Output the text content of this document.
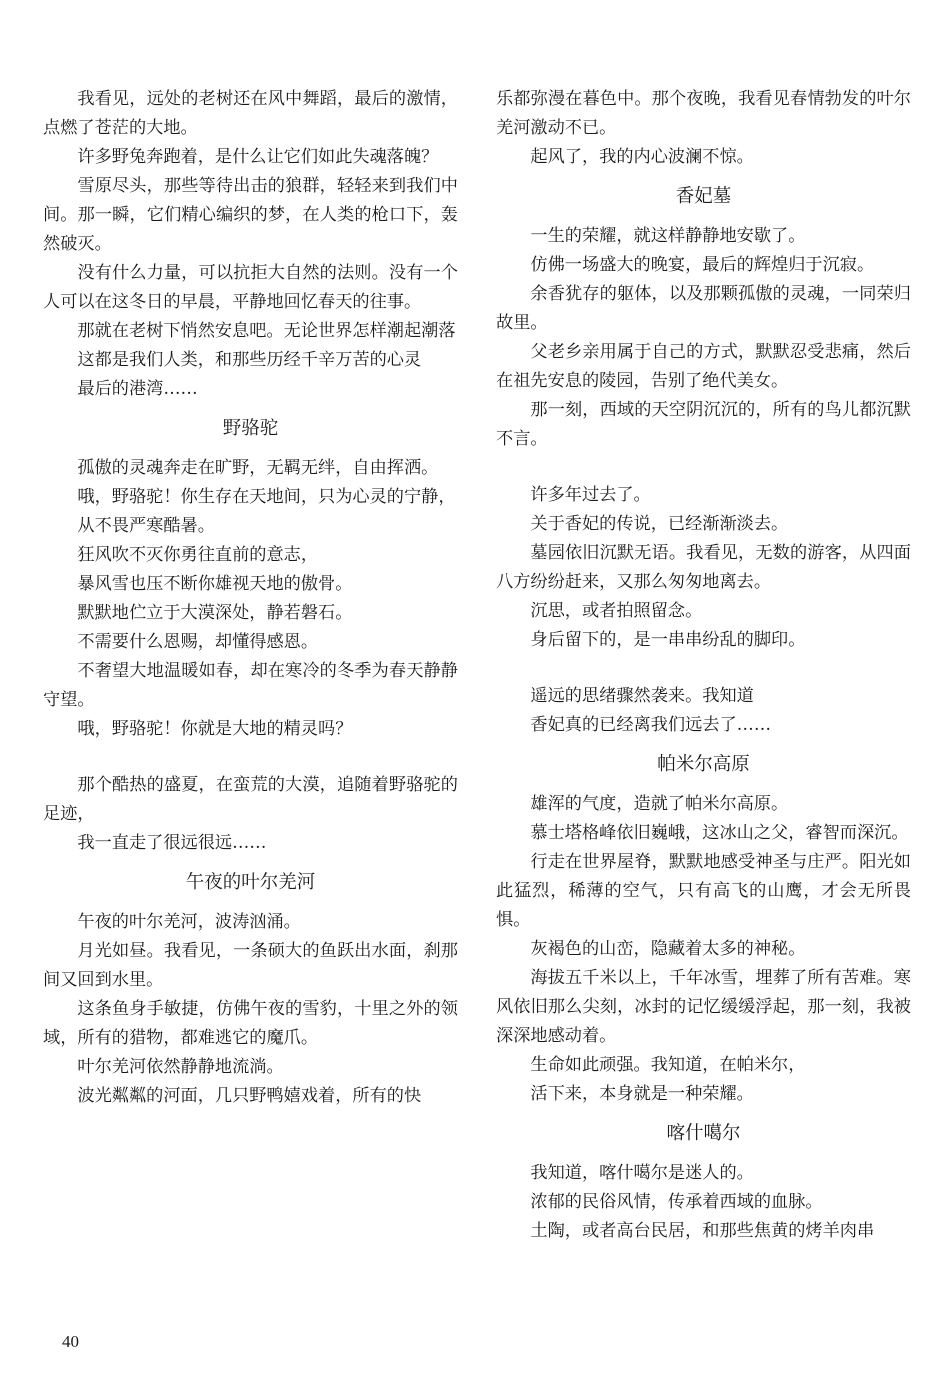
我看见，远处的老树还在风中舞蹈，最后的激情，点燃了苍茫的大地。

许多野兔奔跑着，是什么让它们如此失魂落魄？

雪原尽头，那些等待出击的狼群，轻轻来到我们中间。那一瞬，它们精心编织的梦，在人类的枪口下，轰然破灭。

没有什么力量，可以抗拒大自然的法则。没有一个人可以在这冬日的早晨，平静地回忆春天的往事。

那就在老树下悄然安息吧。无论世界怎样潮起潮落

这都是我们人类，和那些历经千辛万苦的心灵

最后的港湾……

野骆驼

孤傲的灵魂奔走在旷野，无羁无绊，自由挥洒。

哦，野骆驼！你生存在天地间，只为心灵的宁静，

从不畏严寒酷暑。

狂风吹不灭你勇往直前的意志，

暴风雪也压不断你雄视天地的傲骨。

默默地伫立于大漠深处，静若磐石。

不需要什么恩赐，却懂得感恩。

不奢望大地温暖如春，却在寒冷的冬季为春天静静守望。

哦，野骆驼！你就是大地的精灵吗？

那个酷热的盛夏，在蛮荒的大漠，追随着野骆驼的足迹，

我一直走了很远很远……

午夜的叶尔羌河

午夜的叶尔羌河，波涛汹涌。

月光如昼。我看见，一条硕大的鱼跃出水面，刹那间又回到水里。

这条鱼身手敏捷，仿佛午夜的雪豹，十里之外的领域，所有的猎物，都难逃它的魔爪。

叶尔羌河依然静静地流淌。

波光粼粼的河面，几只野鸭嬉戏着，所有的快

乐都弥漫在暮色中。那个夜晚，我看见春情勃发的叶尔羌河激动不已。

起风了，我的内心波澜不惊。

香妃墓

一生的荣耀，就这样静静地安歇了。

仿佛一场盛大的晚宴，最后的辉煌归于沉寂。

余香犹存的躯体，以及那颗孤傲的灵魂，一同荣归故里。

父老乡亲用属于自己的方式，默默忍受悲痛，然后在祖先安息的陵园，告别了绝代美女。

那一刻，西域的天空阴沉沉的，所有的鸟儿都沉默不言。

许多年过去了。

关于香妃的传说，已经渐渐淡去。

墓园依旧沉默无语。我看见，无数的游客，从四面八方纷纷赶来，又那么匆匆地离去。

沉思，或者拍照留念。

身后留下的，是一串串纷乱的脚印。

遥远的思绪骤然袭来。我知道

香妃真的已经离我们远去了……

帕米尔高原

雄浑的气度，造就了帕米尔高原。

慕士塔格峰依旧巍峨，这冰山之父，睿智而深沉。

行走在世界屋脊，默默地感受神圣与庄严。阳光如此猛烈，稀薄的空气，只有高飞的山鹰，才会无所畏惧。

灰褐色的山峦，隐藏着太多的神秘。

海拔五千米以上，千年冰雪，埋葬了所有苦难。寒风依旧那么尖刻，冰封的记忆缓缓浮起，那一刻，我被深深地感动着。

生命如此顽强。我知道，在帕米尔，

活下来，本身就是一种荣耀。

喀什噶尔

我知道，喀什噶尔是迷人的。

浓郁的民俗风情，传承着西域的血脉。

土陶，或者高台民居，和那些焦黄的烤羊肉串

40
